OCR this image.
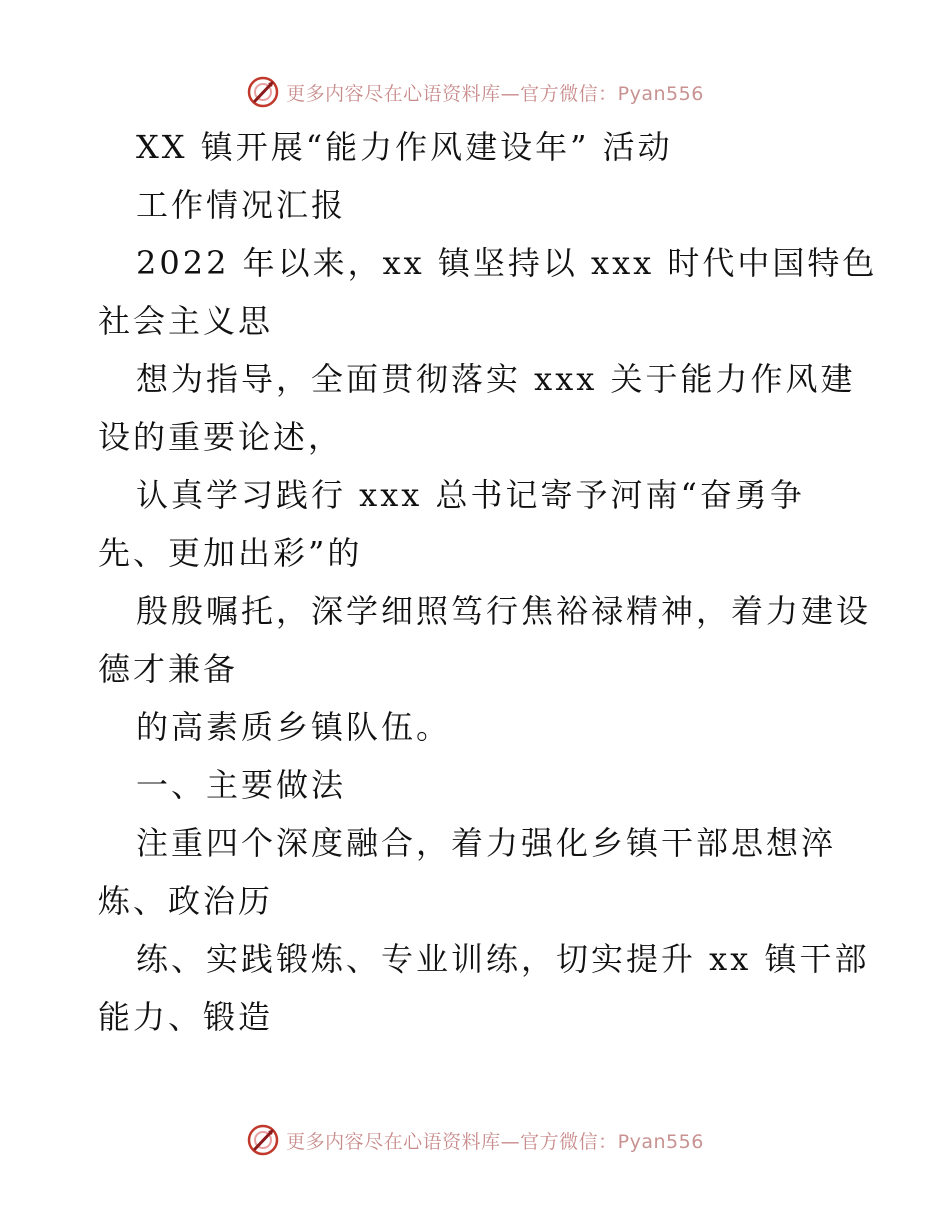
更多内容尽在心语资料库—官方微信：Pyan556
XX 镇开展“能力作风建设年” 活动
工作情况汇报
2022 年以来，xx 镇坚持以 xxx 时代中国特色
社会主义思
想为指导，全面贯彻落实 xxx 关于能力作风建
设的重要论述，
认真学习践行 xxx 总书记寄予河南“奋勇争
先、更加出彩”的
殷殷嘱托，深学细照笃行焦裕禄精神，着力建设
德才兼备
的高素质乡镇队伍。
一、主要做法
注重四个深度融合，着力强化乡镇干部思想淬
炼、政治历
练、实践锻炼、专业训练，切实提升 xx 镇干部
能力、锻造
更多内容尽在心语资料库—官方微信：Pyan556
